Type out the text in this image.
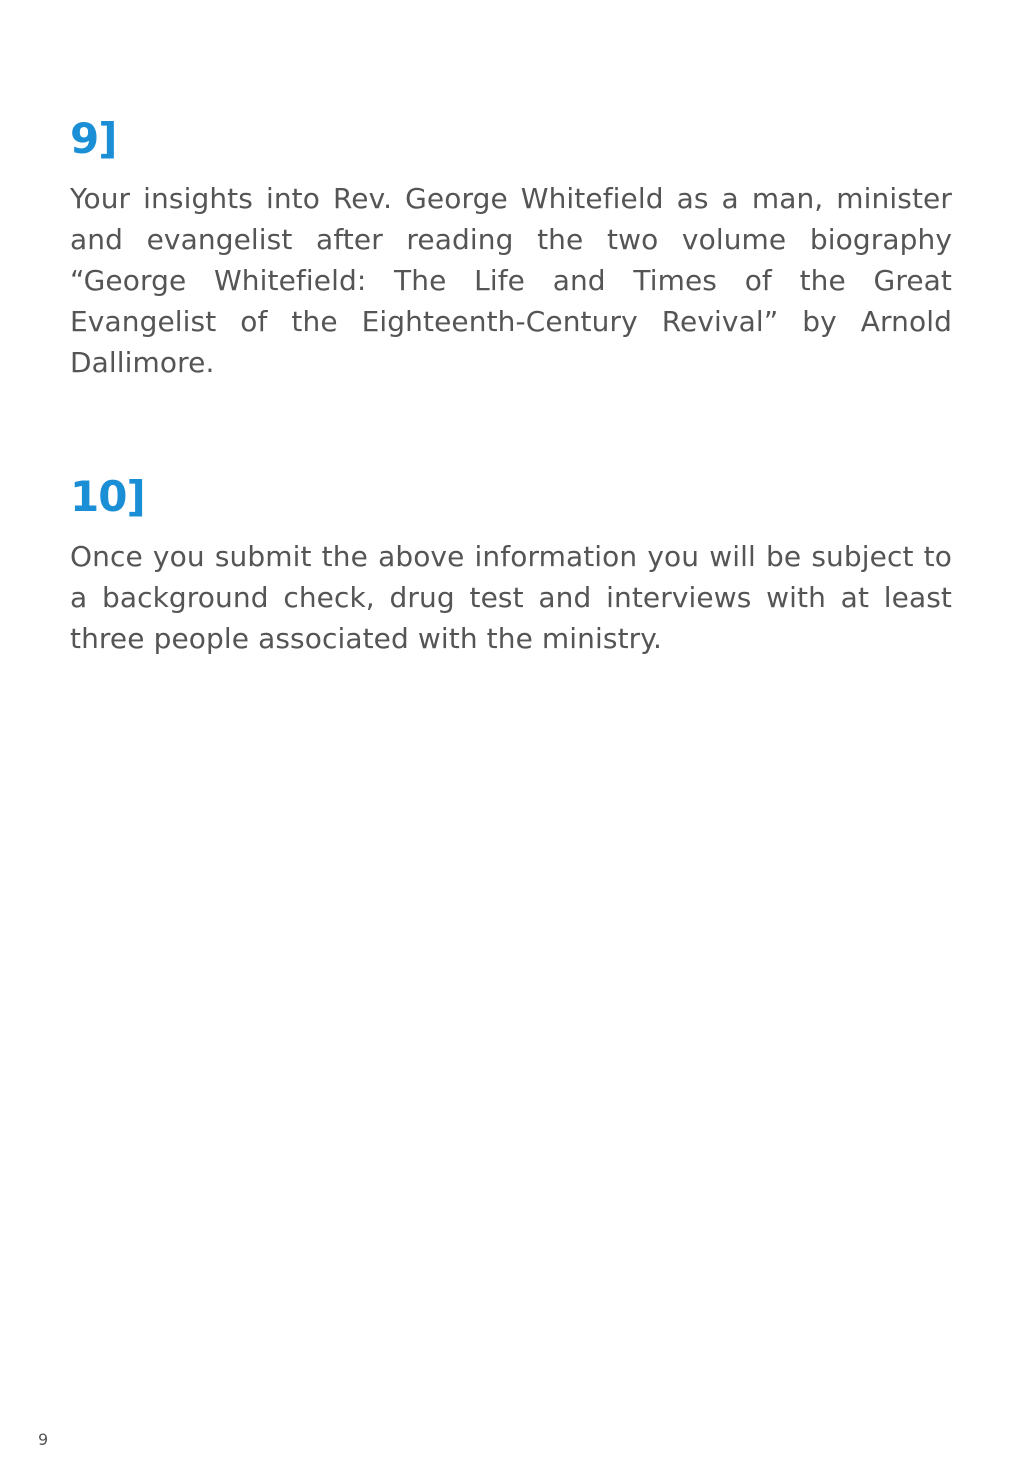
9]

Your insights into Rev. George Whitefield as a man, minister and evangelist after reading the two volume biography “George Whitefield: The Life and Times of the Great Evangelist of the Eighteenth-Century Revival” by Arnold Dallimore.

10]

Once you submit the above information you will be subject to a background check, drug test and interviews with at least three people associated with the ministry.

9
